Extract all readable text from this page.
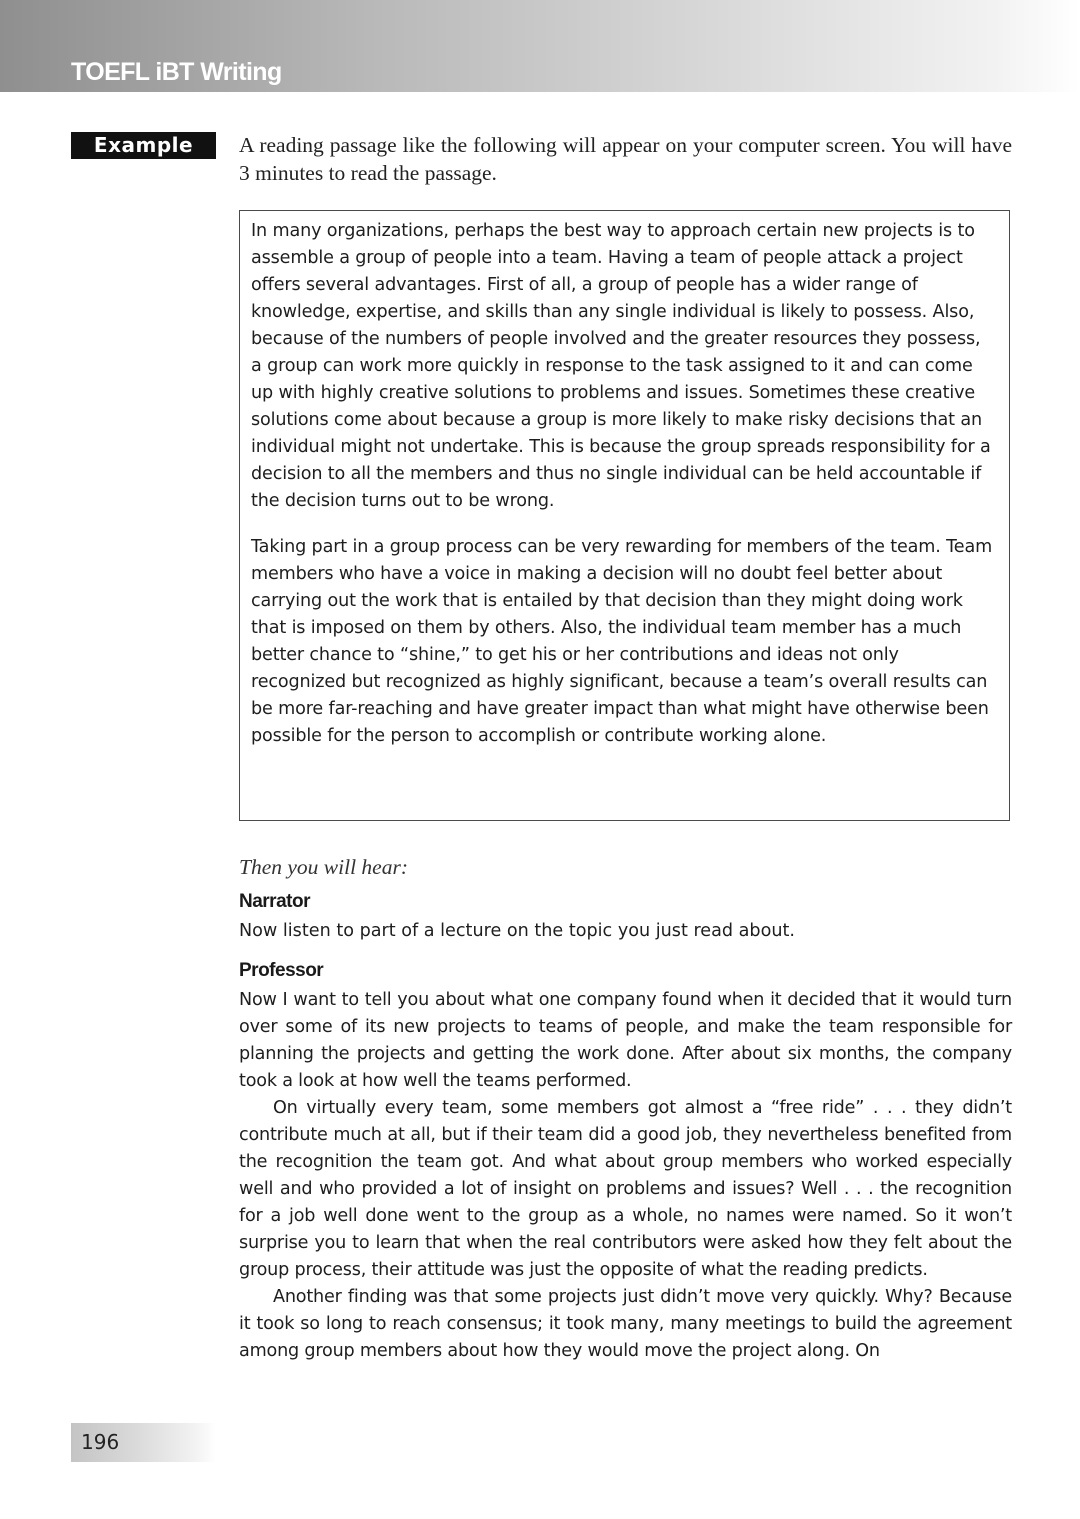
TOEFL iBT Writing
Example	A reading passage like the following will appear on your computer screen. You will have 3 minutes to read the passage.

In many organizations, perhaps the best way to approach certain new projects is to assemble a group of people into a team. Having a team of people attack a project offers several advantages. First of all, a group of people has a wider range of knowledge, expertise, and skills than any single individual is likely to possess. Also, because of the numbers of people involved and the greater resources they possess, a group can work more quickly in response to the task assigned to it and can come up with highly creative solutions to problems and issues. Sometimes these creative solutions come about because a group is more likely to make risky decisions that an individual might not undertake. This is because the group spreads responsibility for a decision to all the members and thus no single individual can be held accountable if the decision turns out to be wrong.

Taking part in a group process can be very rewarding for members of the team. Team members who have a voice in making a decision will no doubt feel better about carrying out the work that is entailed by that decision than they might doing work that is imposed on them by others. Also, the individual team member has a much better chance to “shine,” to get his or her contributions and ideas not only recognized but recognized as highly significant, because a team’s overall results can be more far-reaching and have greater impact than what might have otherwise been possible for the person to accomplish or contribute working alone.

Then you will hear:

Narrator

Now listen to part of a lecture on the topic you just read about.

Professor

Now I want to tell you about what one company found when it decided that it would turn over some of its new projects to teams of people, and make the team responsible for planning the projects and getting the work done. After about six months, the company took a look at how well the teams performed.

On virtually every team, some members got almost a “free ride” . . . they didn’t contribute much at all, but if their team did a good job, they nevertheless benefited from the recognition the team got. And what about group members who worked especially well and who provided a lot of insight on problems and issues? Well . . . the recognition for a job well done went to the group as a whole, no names were named. So it won’t surprise you to learn that when the real contributors were asked how they felt about the group process, their attitude was just the opposite of what the reading predicts.

Another finding was that some projects just didn’t move very quickly. Why? Because it took so long to reach consensus; it took many, many meetings to build the agreement among group members about how they would move the project along. On

196
